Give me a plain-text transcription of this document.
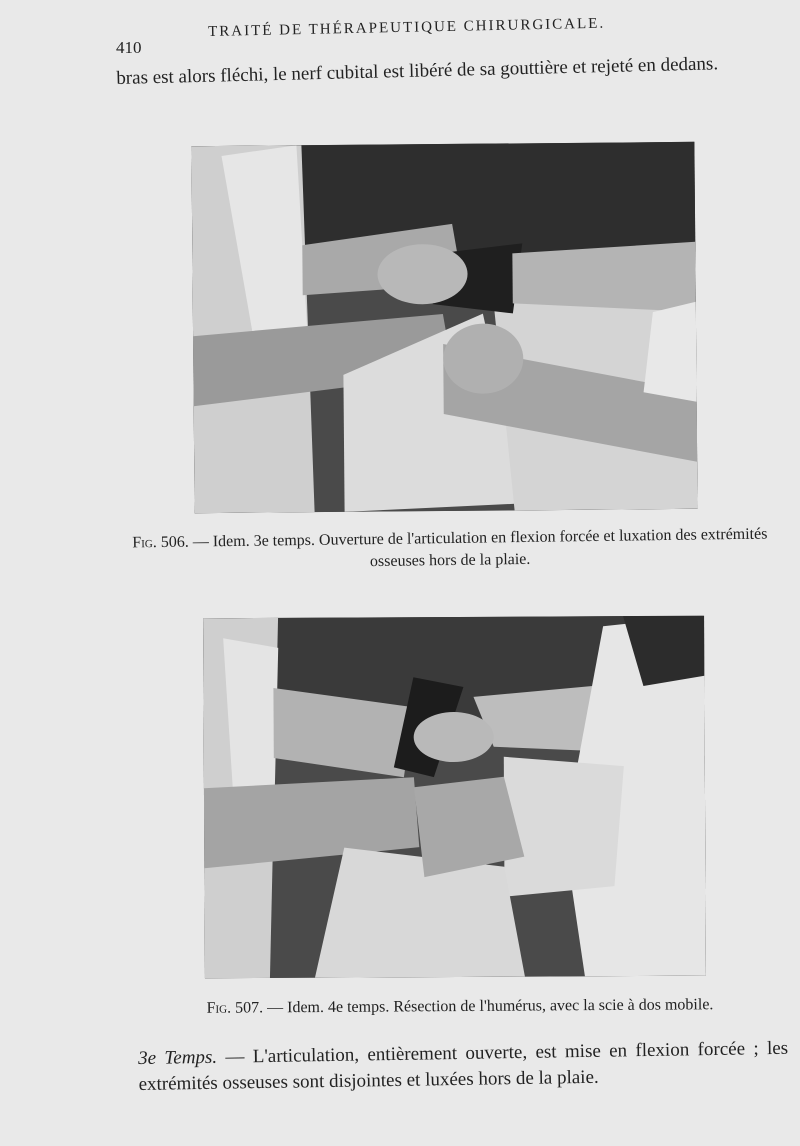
410
TRAITÉ DE THÉRAPEUTIQUE CHIRURGICALE.
bras est alors fléchi, le nerf cubital est libéré de sa gouttière et rejeté en dedans.
Fig. 506. — Idem. 3e temps. Ouverture de l'articulation en flexion forcée et luxation des extrémités osseuses hors de la plaie.
Fig. 507. — Idem. 4e temps. Résection de l'humérus, avec la scie à dos mobile.
3e Temps. — L'articulation, entièrement ouverte, est mise en flexion forcée ; les extrémités osseuses sont disjointes et luxées hors de la plaie.
